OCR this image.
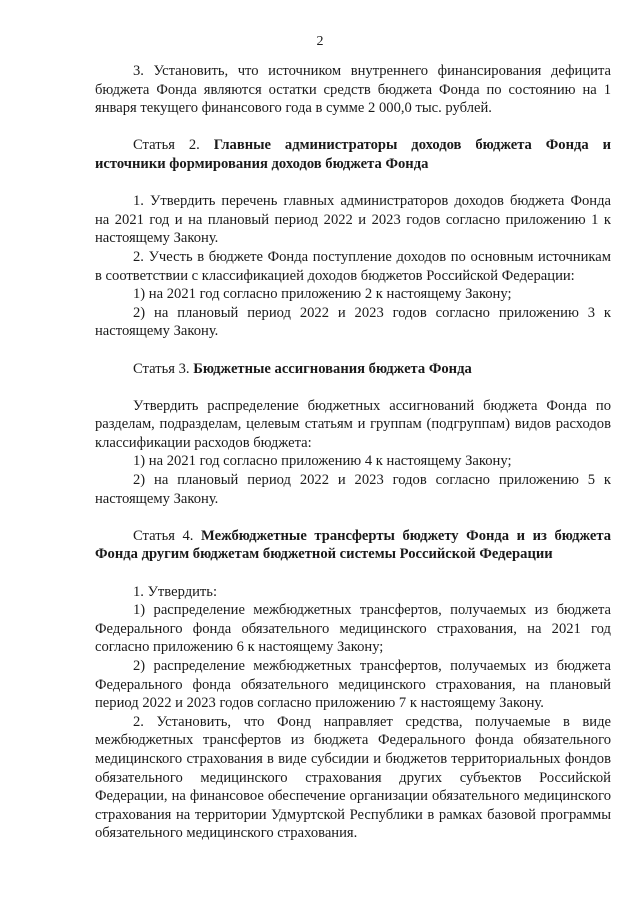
2

3. Установить, что источником внутреннего финансирования дефицита бюджета Фонда являются остатки средств бюджета Фонда по состоянию на 1 января текущего финансового года в сумме 2 000,0 тыс. рублей.

Статья 2. Главные администраторы доходов бюджета Фонда и источники формирования доходов бюджета Фонда

1. Утвердить перечень главных администраторов доходов бюджета Фонда на 2021 год и на плановый период 2022 и 2023 годов согласно приложению 1 к настоящему Закону.

2. Учесть в бюджете Фонда поступление доходов по основным источникам в соответствии с классификацией доходов бюджетов Российской Федерации:

1) на 2021 год согласно приложению 2 к настоящему Закону;

2) на плановый период 2022 и 2023 годов согласно приложению 3 к настоящему Закону.

Статья 3. Бюджетные ассигнования бюджета Фонда

Утвердить распределение бюджетных ассигнований бюджета Фонда по разделам, подразделам, целевым статьям и группам (подгруппам) видов расходов классификации расходов бюджета:

1) на 2021 год согласно приложению 4 к настоящему Закону;

2) на плановый период 2022 и 2023 годов согласно приложению 5 к настоящему Закону.

Статья 4. Межбюджетные трансферты бюджету Фонда и из бюджета Фонда другим бюджетам бюджетной системы Российской Федерации

1. Утвердить:

1) распределение межбюджетных трансфертов, получаемых из бюджета Федерального фонда обязательного медицинского страхования, на 2021 год согласно приложению 6 к настоящему Закону;

2) распределение межбюджетных трансфертов, получаемых из бюджета Федерального фонда обязательного медицинского страхования, на плановый период 2022 и 2023 годов согласно приложению 7 к настоящему Закону.

2. Установить, что Фонд направляет средства, получаемые в виде межбюджетных трансфертов из бюджета Федерального фонда обязательного медицинского страхования в виде субсидии и бюджетов территориальных фондов обязательного медицинского страхования других субъектов Российской Федерации, на финансовое обеспечение организации обязательного медицинского страхования на территории Удмуртской Республики в рамках базовой программы обязательного медицинского страхования.
